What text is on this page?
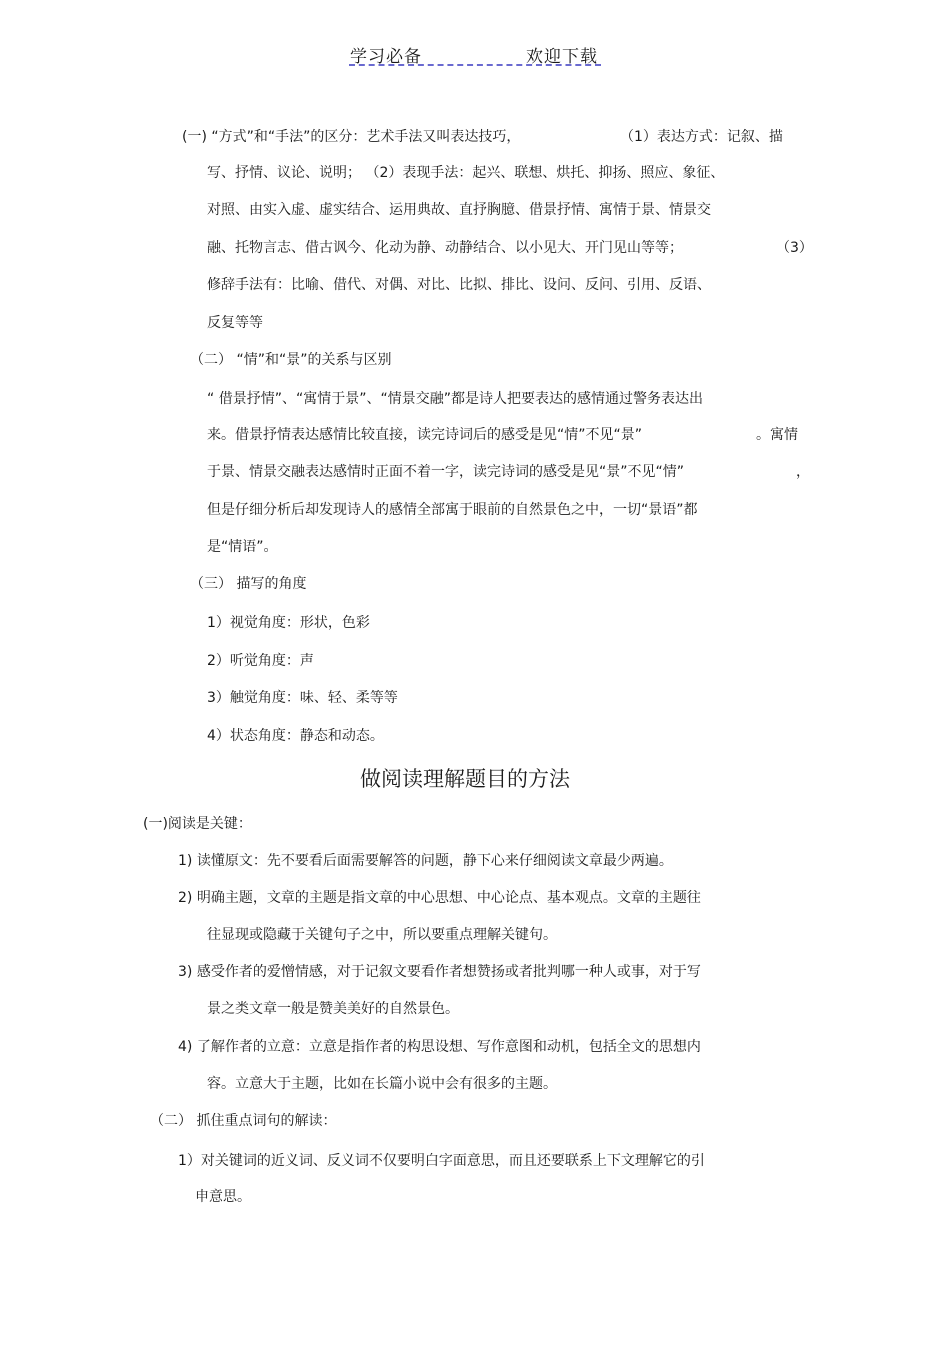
学习必备	欢迎下载
(一) “方式”和“手法”的区分：艺术手法又叫表达技巧，	（1）表达方式：记叙、描
写、抒情、议论、说明； （2）表现手法：起兴、联想、烘托、抑扬、照应、象征、
对照、由实入虚、虚实结合、运用典故、直抒胸臆、借景抒情、寓情于景、情景交
融、托物言志、借古讽今、化动为静、动静结合、以小见大、开门见山等等；	（3）
修辞手法有：比喻、借代、对偶、对比、比拟、排比、设问、反问、引用、反语、
反复等等
（二） “情”和“景”的关系与区别
“ 借景抒情”、“寓情于景”、“情景交融”都是诗人把要表达的感情通过警务表达出
来。借景抒情表达感情比较直接，读完诗词后的感受是见“情”不见“景”	。寓情
于景、情景交融表达感情时正面不着一字，读完诗词的感受是见“景”不见“情”	，
但是仔细分析后却发现诗人的感情全部寓于眼前的自然景色之中，一切“景语”都
是“情语”。
（三） 描写的角度
1）视觉角度：形状，色彩
2）听觉角度：声
3）触觉角度：味、轻、柔等等
4）状态角度：静态和动态。
做阅读理解题目的方法
(一)阅读是关键：
1) 读懂原文：先不要看后面需要解答的问题，静下心来仔细阅读文章最少两遍。
2) 明确主题，文章的主题是指文章的中心思想、中心论点、基本观点。文章的主题往
往显现或隐藏于关键句子之中，所以要重点理解关键句。
3) 感受作者的爱憎情感，对于记叙文要看作者想赞扬或者批判哪一种人或事，对于写
景之类文章一般是赞美美好的自然景色。
4) 了解作者的立意：立意是指作者的构思设想、写作意图和动机，包括全文的思想内
容。立意大于主题，比如在长篇小说中会有很多的主题。
（二） 抓住重点词句的解读：
1）对关键词的近义词、反义词不仅要明白字面意思，而且还要联系上下文理解它的引
申意思。
